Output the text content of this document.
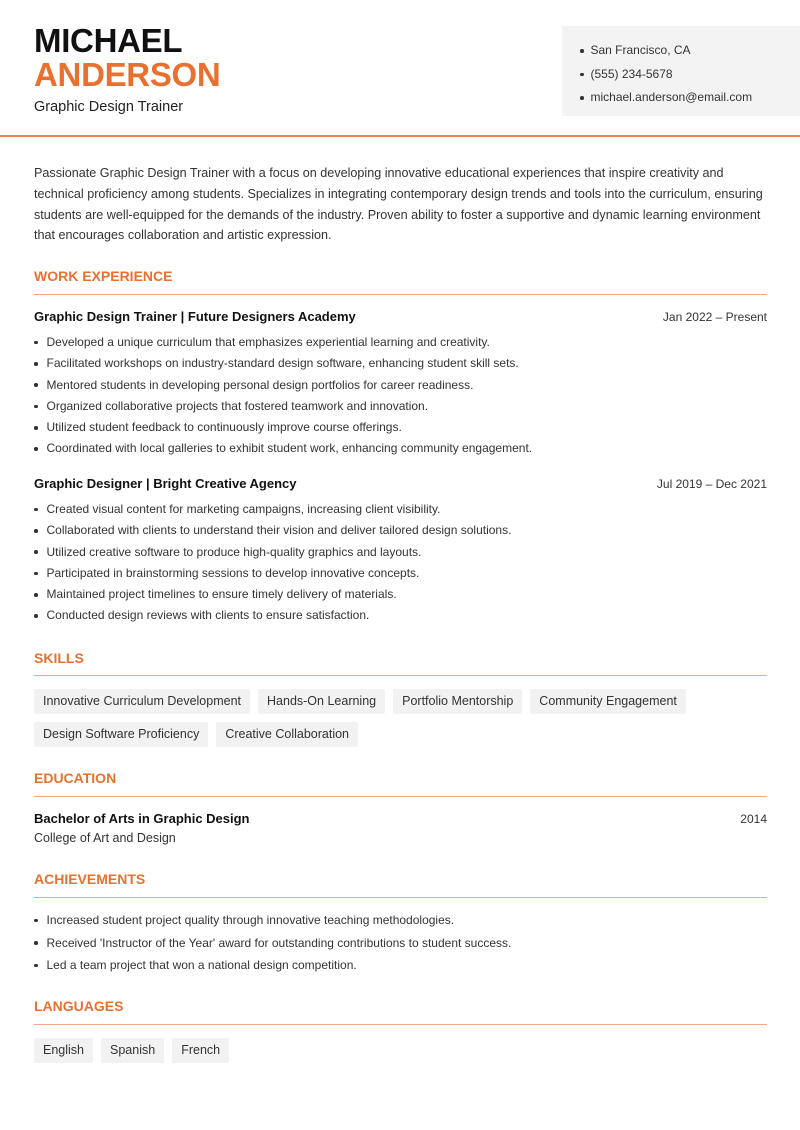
MICHAEL
ANDERSON
Graphic Design Trainer
San Francisco, CA
(555) 234-5678
michael.anderson@email.com
Passionate Graphic Design Trainer with a focus on developing innovative educational experiences that inspire creativity and technical proficiency among students. Specializes in integrating contemporary design trends and tools into the curriculum, ensuring students are well-equipped for the demands of the industry. Proven ability to foster a supportive and dynamic learning environment that encourages collaboration and artistic expression.
WORK EXPERIENCE
Graphic Design Trainer | Future Designers Academy	Jan 2022 – Present
Developed a unique curriculum that emphasizes experiential learning and creativity.
Facilitated workshops on industry-standard design software, enhancing student skill sets.
Mentored students in developing personal design portfolios for career readiness.
Organized collaborative projects that fostered teamwork and innovation.
Utilized student feedback to continuously improve course offerings.
Coordinated with local galleries to exhibit student work, enhancing community engagement.
Graphic Designer | Bright Creative Agency	Jul 2019 – Dec 2021
Created visual content for marketing campaigns, increasing client visibility.
Collaborated with clients to understand their vision and deliver tailored design solutions.
Utilized creative software to produce high-quality graphics and layouts.
Participated in brainstorming sessions to develop innovative concepts.
Maintained project timelines to ensure timely delivery of materials.
Conducted design reviews with clients to ensure satisfaction.
SKILLS
Innovative Curriculum Development	Hands-On Learning	Portfolio Mentorship	Community Engagement
Design Software Proficiency	Creative Collaboration
EDUCATION
Bachelor of Arts in Graphic Design	2014
College of Art and Design
ACHIEVEMENTS
Increased student project quality through innovative teaching methodologies.
Received 'Instructor of the Year' award for outstanding contributions to student success.
Led a team project that won a national design competition.
LANGUAGES
English	Spanish	French
